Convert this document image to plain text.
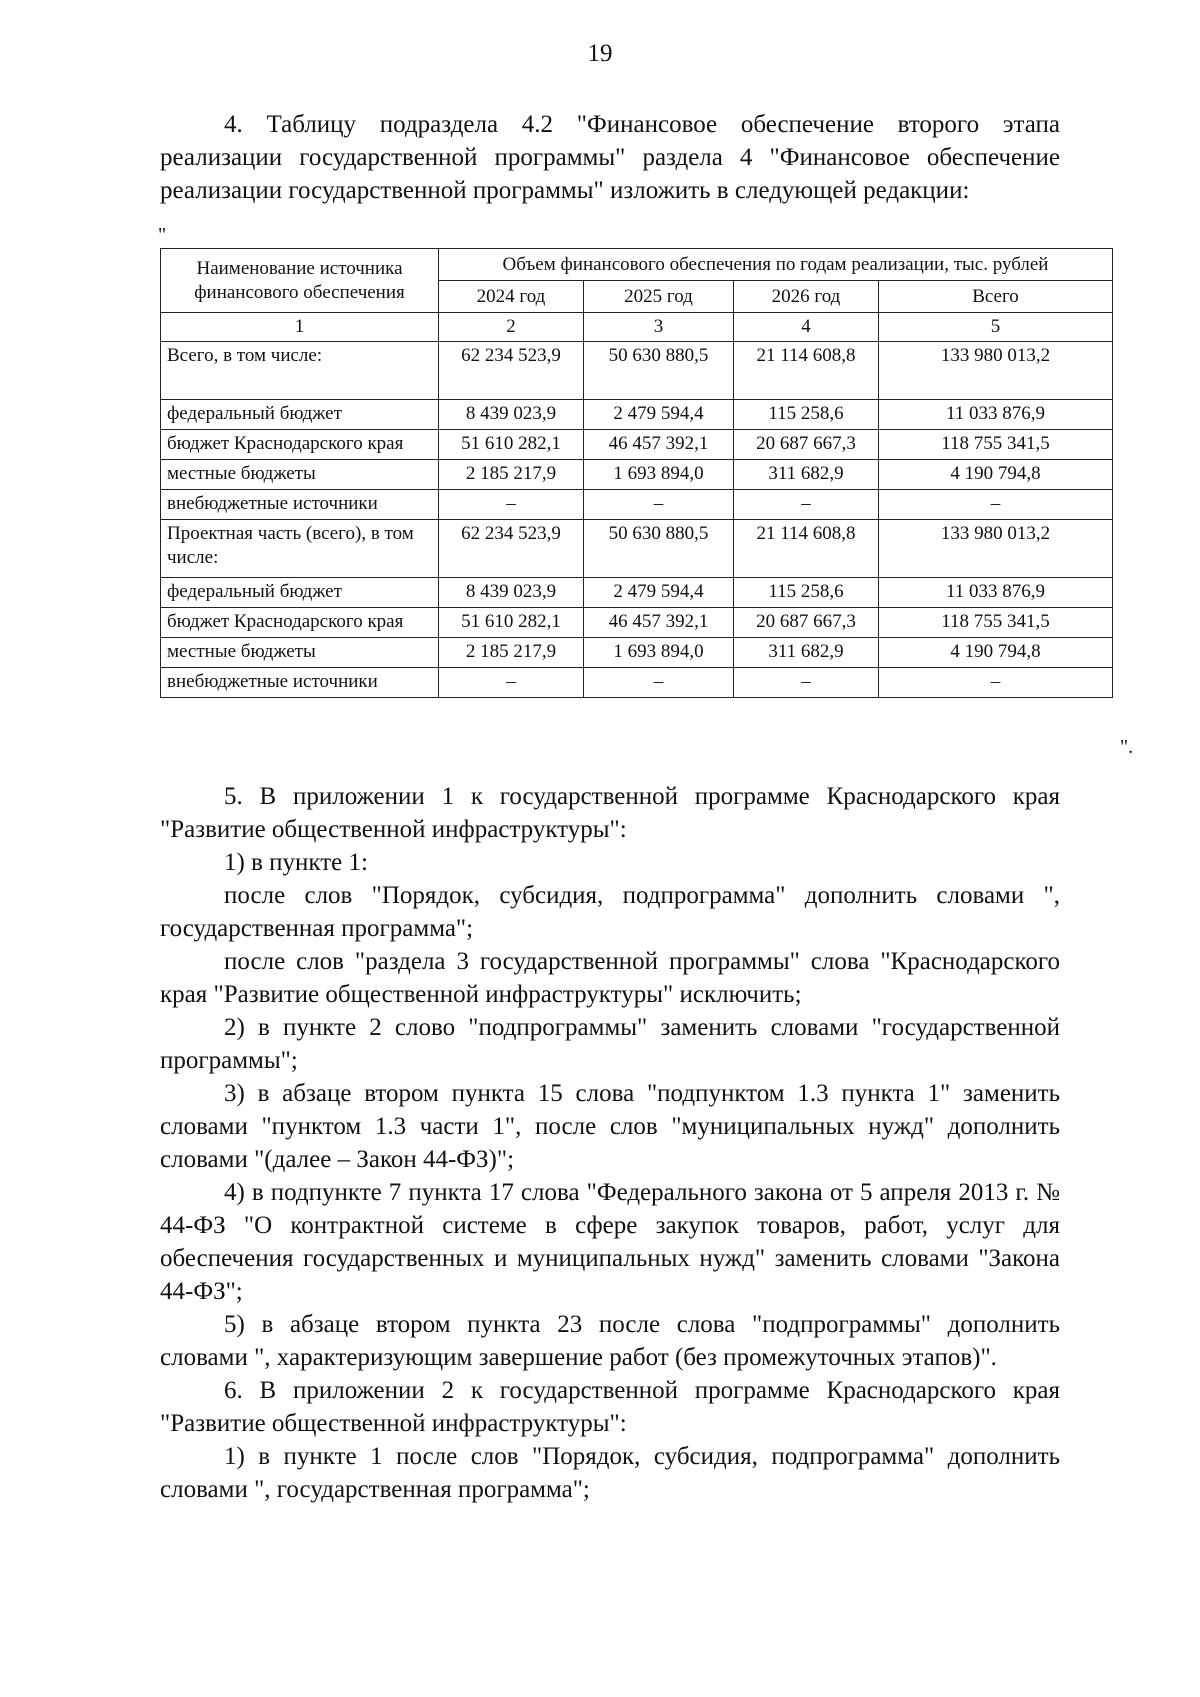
19

4. Таблицу подраздела 4.2 "Финансовое обеспечение второго этапа реализации государственной программы" раздела 4 "Финансовое обеспечение реализации государственной программы" изложить в следующей редакции:

"
Наименование источника финансового обеспечения	Объем финансового обеспечения по годам реализации, тыс. рублей			
	2024 год	2025 год	2026 год	Всего
1	2	3	4	5
Всего, в том числе:	62 234 523,9	50 630 880,5	21 114 608,8	133 980 013,2
федеральный бюджет	8 439 023,9	2 479 594,4	115 258,6	11 033 876,9
бюджет Краснодарского края	51 610 282,1	46 457 392,1	20 687 667,3	118 755 341,5
местные бюджеты	2 185 217,9	1 693 894,0	311 682,9	4 190 794,8
внебюджетные источники	–	–	–	–
Проектная часть (всего), в том числе:	62 234 523,9	50 630 880,5	21 114 608,8	133 980 013,2
федеральный бюджет	8 439 023,9	2 479 594,4	115 258,6	11 033 876,9
бюджет Краснодарского края	51 610 282,1	46 457 392,1	20 687 667,3	118 755 341,5
местные бюджеты	2 185 217,9	1 693 894,0	311 682,9	4 190 794,8
внебюджетные источники	–	–	–	–
".

5. В приложении 1 к государственной программе Краснодарского края "Развитие общественной инфраструктуры":

1) в пункте 1:

после слов "Порядок, субсидия, подпрограмма" дополнить словами ", государственная программа";

после слов "раздела 3 государственной программы" слова "Краснодарского края "Развитие общественной инфраструктуры" исключить;

2) в пункте 2 слово "подпрограммы" заменить словами "государственной программы";

3) в абзаце втором пункта 15 слова "подпунктом 1.3 пункта 1" заменить словами "пунктом 1.3 части 1", после слов "муниципальных нужд" дополнить словами "(далее – Закон 44-ФЗ)";

4) в подпункте 7 пункта 17 слова "Федерального закона от 5 апреля 2013 г. № 44-ФЗ "О контрактной системе в сфере закупок товаров, работ, услуг для обеспечения государственных и муниципальных нужд" заменить словами "Закона 44-ФЗ";

5) в абзаце втором пункта 23 после слова "подпрограммы" дополнить словами ", характеризующим завершение работ (без промежуточных этапов)".

6. В приложении 2 к государственной программе Краснодарского края "Развитие общественной инфраструктуры":

1) в пункте 1 после слов "Порядок, субсидия, подпрограмма" дополнить словами ", государственная программа";
